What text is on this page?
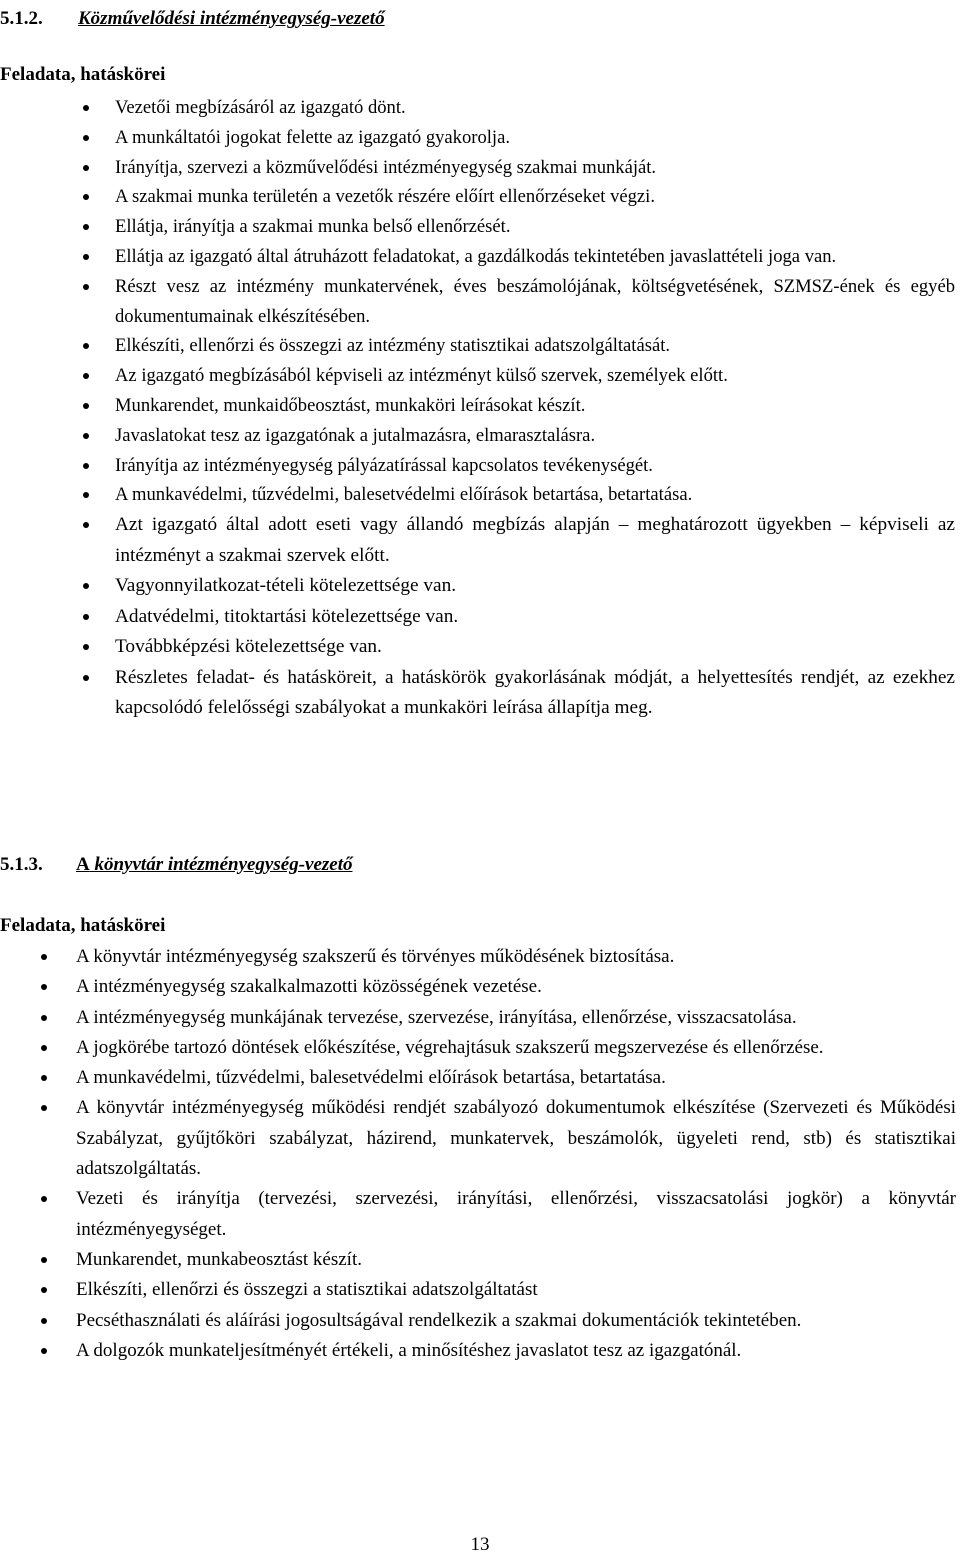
5.1.2. Közművelődési intézményegység-vezető
Feladata, hatáskörei
Vezetői megbízásáról az igazgató dönt.
A munkáltatói jogokat felette az igazgató gyakorolja.
Irányítja, szervezi a közművelődési intézményegység szakmai munkáját.
A szakmai munka területén a vezetők részére előírt ellenőrzéseket végzi.
Ellátja, irányítja a szakmai munka belső ellenőrzését.
Ellátja az igazgató által átruházott feladatokat, a gazdálkodás tekintetében javaslattételi joga van.
Részt vesz az intézmény munkatervének, éves beszámolójának, költségvetésének, SZMSZ-ének és egyéb dokumentumainak elkészítésében.
Elkészíti, ellenőrzi és összegzi az intézmény statisztikai adatszolgáltatását.
Az igazgató megbízásából képviseli az intézményt külső szervek, személyek előtt.
Munkarendet, munkaidőbeosztást, munkaköri leírásokat készít.
Javaslatokat tesz az igazgatónak a jutalmazásra, elmarasztalásra.
Irányítja az intézményegység pályázatírással kapcsolatos tevékenységét.
A munkavédelmi, tűzvédelmi, balesetvédelmi előírások betartása, betartatása.
Azt igazgató által adott eseti vagy állandó megbízás alapján – meghatározott ügyekben – képviseli az intézményt a szakmai szervek előtt.
Vagyonnyilatkozat-tételi kötelezettsége van.
Adatvédelmi, titoktartási kötelezettsége van.
Továbbképzési kötelezettsége van.
Részletes feladat- és hatásköreit, a hatáskörök gyakorlásának módját, a helyettesítés rendjét, az ezekhez kapcsolódó felelősségi szabályokat a munkaköri leírása állapítja meg.
5.1.3. A könyvtár intézményegység-vezető
Feladata, hatáskörei
A könyvtár intézményegység szakszerű és törvényes működésének biztosítása.
A intézményegység szakalkalmazotti közösségének vezetése.
A intézményegység munkájának tervezése, szervezése, irányítása, ellenőrzése, visszacsatolása.
A jogkörébe tartozó döntések előkészítése, végrehajtásuk szakszerű megszervezése és ellenőrzése.
A munkavédelmi, tűzvédelmi, balesetvédelmi előírások betartása, betartatása.
A könyvtár intézményegység működési rendjét szabályozó dokumentumok elkészítése (Szervezeti és Működési Szabályzat, gyűjtőköri szabályzat, házirend, munkatervek, beszámolók, ügyeleti rend, stb) és statisztikai adatszolgáltatás.
Vezeti és irányítja (tervezési, szervezési, irányítási, ellenőrzési, visszacsatolási jogkör) a könyvtár intézményegységet.
Munkarendet, munkabeosztást készít.
Elkészíti, ellenőrzi és összegzi a statisztikai adatszolgáltatást
Pecséthasználati és aláírási jogosultságával rendelkezik a szakmai dokumentációk tekintetében.
A dolgozók munkateljesítményét értékeli, a minősítéshez javaslatot tesz az igazgatónál.
13
